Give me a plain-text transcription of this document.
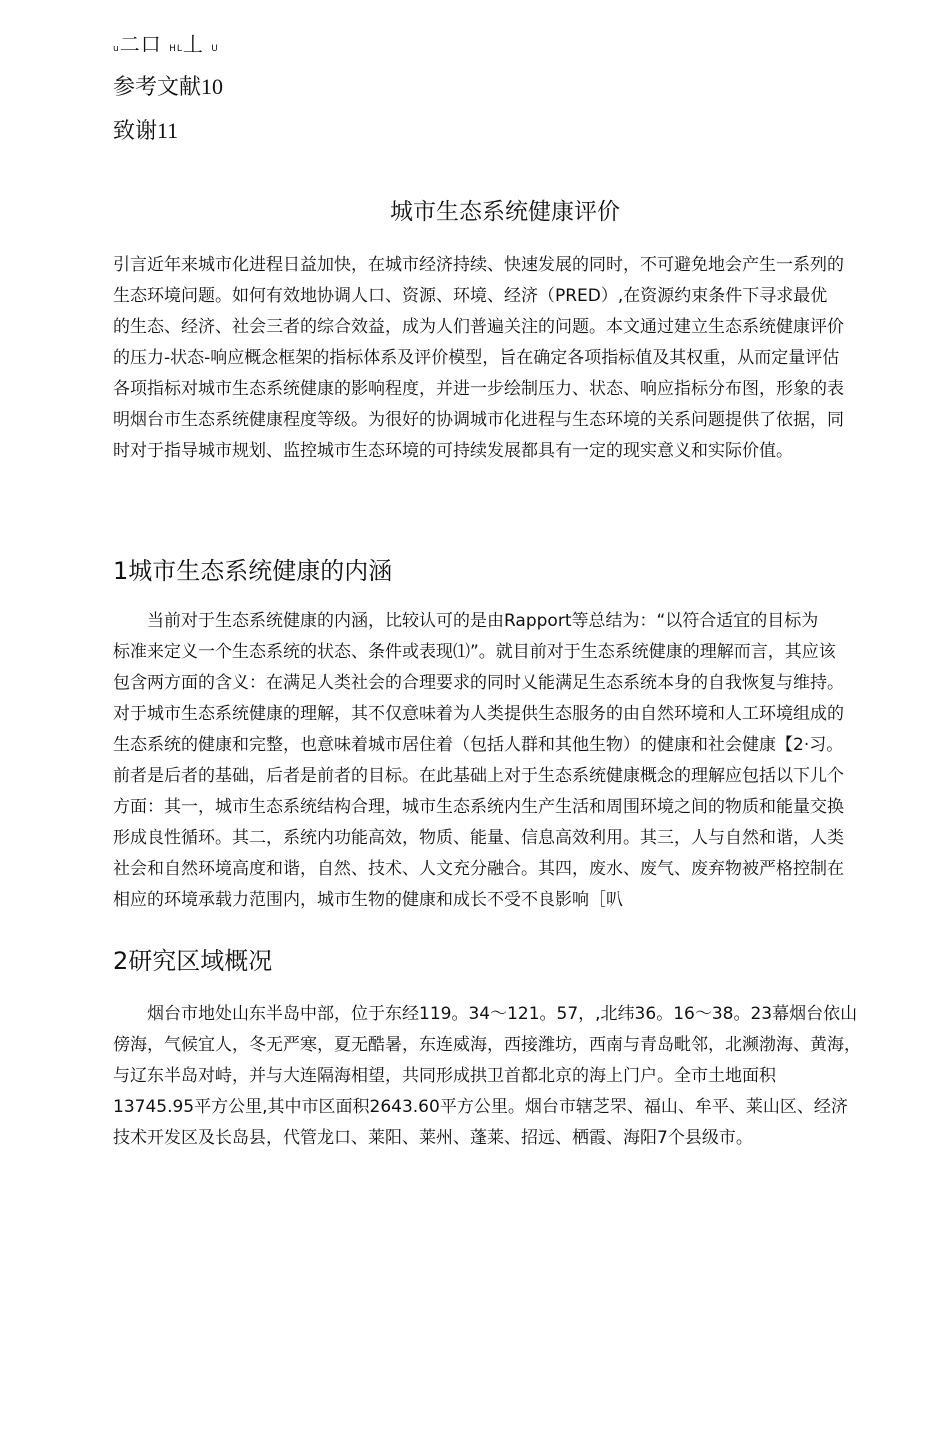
u二口 HL丄 U
参考文献10
致谢11
城市生态系统健康评价
引言近年来城市化进程日益加快，在城市经济持续、快速发展的同时，不可避免地会产生一系列的
生态环境问题。如何有效地协调人口、资源、环境、经济（PRED）,在资源约束条件下寻求最优
的生态、经济、社会三者的综合效益，成为人们普遍关注的问题。本文通过建立生态系统健康评价
的压力-状态-响应概念框架的指标体系及评价模型，旨在确定各项指标值及其权重，从而定量评估
各项指标对城市生态系统健康的影响程度，并进一步绘制压力、状态、响应指标分布图，形象的表
明烟台市生态系统健康程度等级。为很好的协调城市化进程与生态环境的关系问题提供了依据，同
时对于指导城市规划、监控城市生态环境的可持续发展都具有一定的现实意义和实际价值。
1城市生态系统健康的内涵
　　当前对于生态系统健康的内涵，比较认可的是由Rapport等总结为：“以符合适宜的目标为
标准来定义一个生态系统的状态、条件或表现⑴”。就目前对于生态系统健康的理解而言，其应该
包含两方面的含义：在满足人类社会的合理要求的同时乂能满足生态系统本身的自我恢复与维持。
对于城市生态系统健康的理解，其不仅意味着为人类提供生态服务的由自然环境和人工环境组成的
生态系统的健康和完整，也意味着城市居住着（包括人群和其他生物）的健康和社会健康【2·习。
前者是后者的基础，后者是前者的目标。在此基础上对于生态系统健康概念的理解应包括以下儿个
方面：其一，城市生态系统结构合理，城市生态系统内生产生活和周围环境之间的物质和能量交换
形成良性循环。其二，系统内功能高效，物质、能量、信息高效利用。其三，人与自然和谐，人类
社会和自然环境高度和谐，自然、技术、人文充分融合。其四，废水、废气、废弃物被严格控制在
相应的环境承载力范围内，城市生物的健康和成长不受不良影响［叭
2研究区域概况
　　烟台市地处山东半岛中部，位于东经119。34〜121。57，,北纬36。16〜38。23幕烟台依山
傍海，气候宜人，冬无严寒，夏无酷暑，东连威海，西接潍坊，西南与青岛毗邻，北濒渤海、黄海，
与辽东半岛对峙，并与大连隔海相望，共同形成拱卫首都北京的海上门户。全市土地面积
13745.95平方公里,其中市区面积2643.60平方公里。烟台市辖芝罘、福山、牟平、莱山区、经济
技术开发区及长岛县，代管龙口、莱阳、莱州、蓬莱、招远、栖霞、海阳7个县级市。
